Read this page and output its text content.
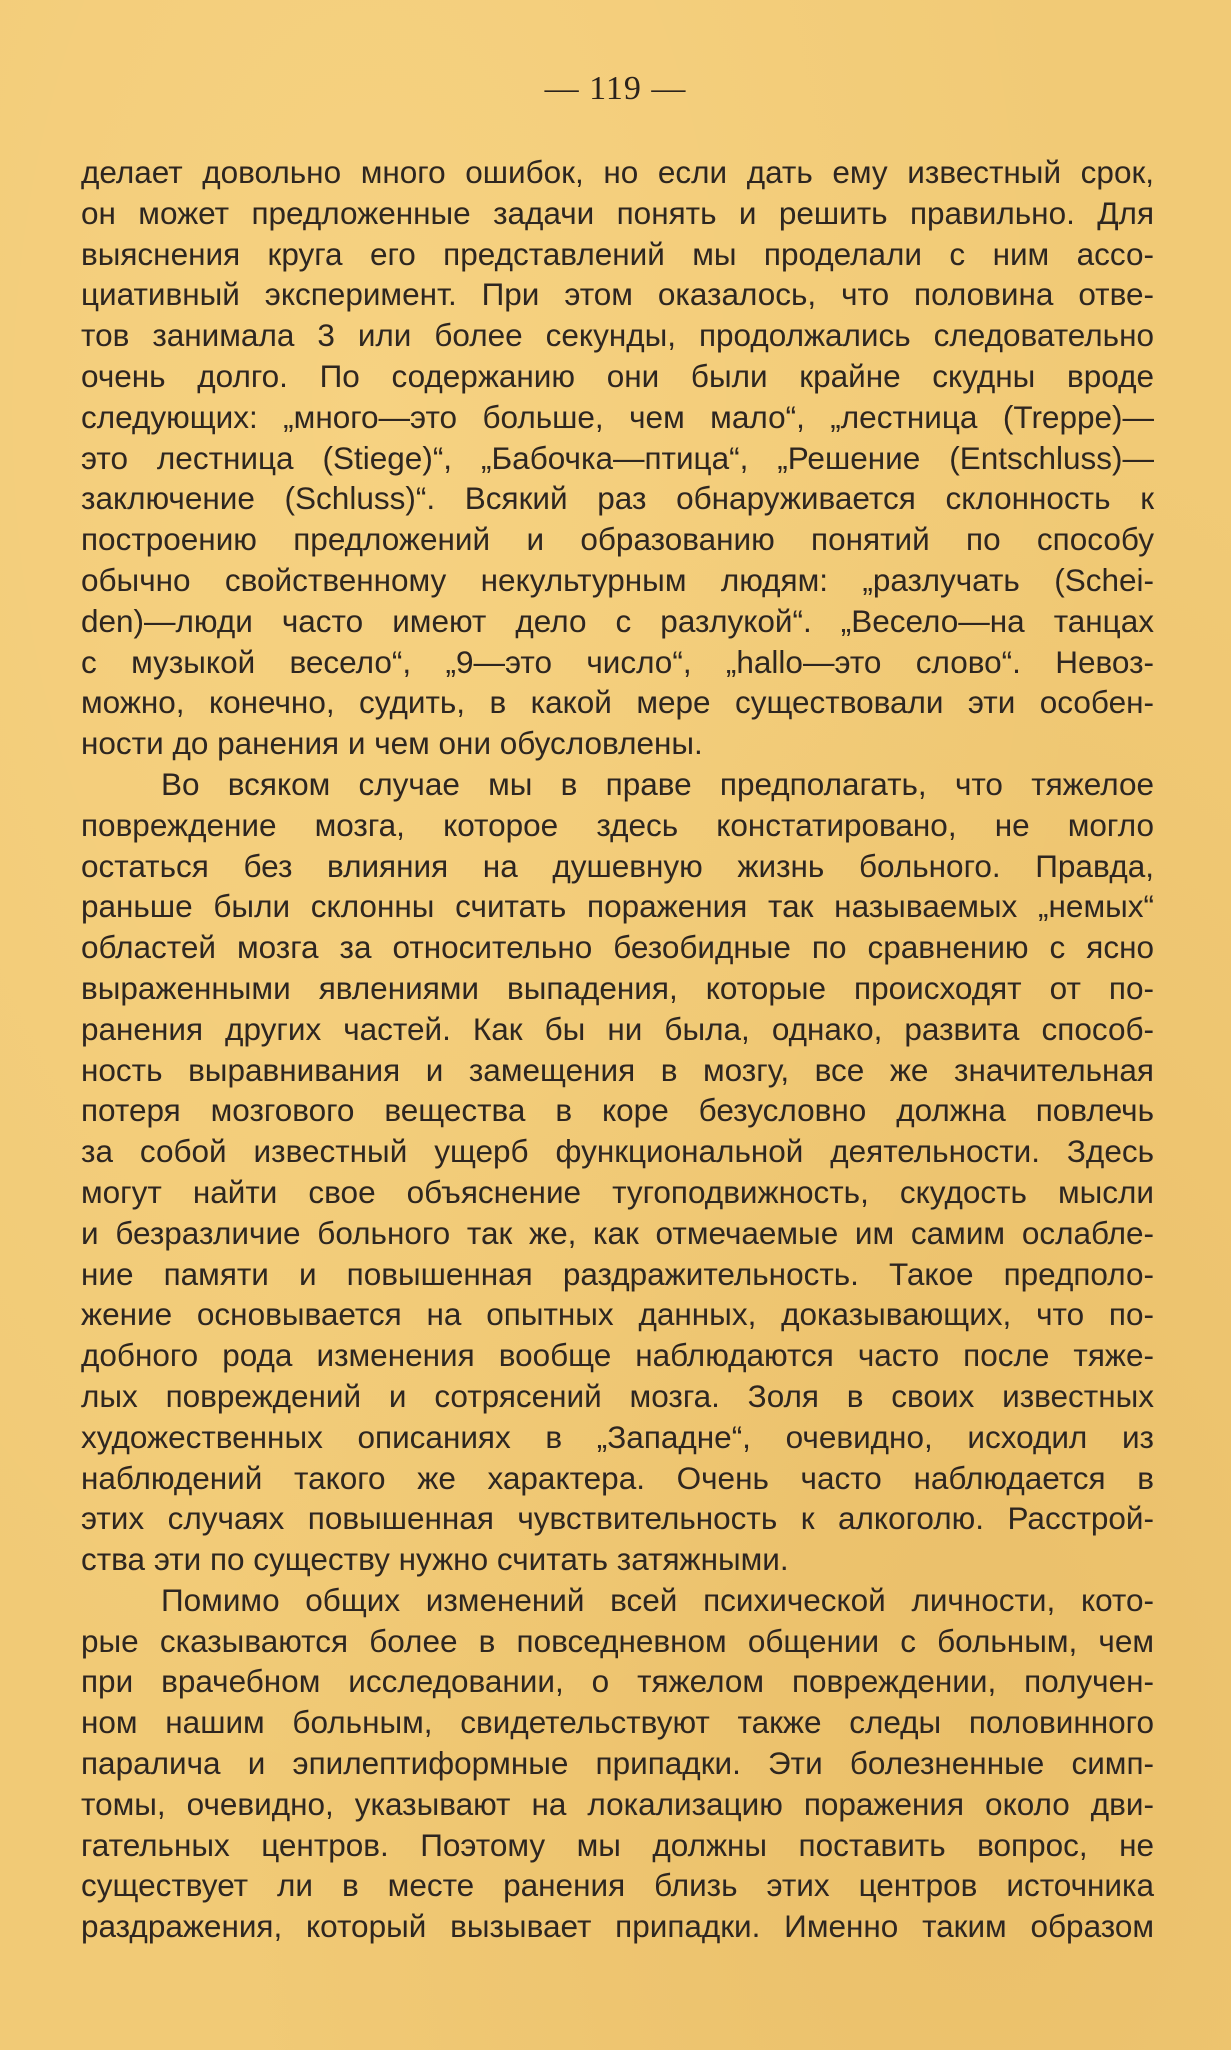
— 119 —
делает довольно много ошибок, но если дать ему известный срок,
он может предложенные задачи понять и решить правильно. Для
выяснения круга его представлений мы проделали с ним ассо-
циативный эксперимент. При этом оказалось, что половина отве-
тов занимала 3 или более секунды, продолжались следовательно
очень долго. По содержанию они были крайне скудны вроде
следующих: „много—это больше, чем мало“, „лестница (Treppe)—
это лестница (Stiege)“, „Бабочка—птица“, „Решение (Entschluss)—
заключение (Schluss)“. Всякий раз обнаруживается склонность к
построению предложений и образованию понятий по способу
обычно свойственному некультурным людям: „разлучать (Schei-
den)—люди часто имеют дело с разлукой“. „Весело—на танцах
с музыкой весело“, „9—это число“, „hallo—это слово“. Невоз-
можно, конечно, судить, в какой мере существовали эти особен-
ности до ранения и чем они обусловлены.
Во всяком случае мы в праве предполагать, что тяжелое
повреждение мозга, которое здесь констатировано, не могло
остаться без влияния на душевную жизнь больного. Правда,
раньше были склонны считать поражения так называемых „немых“
областей мозга за относительно безобидные по сравнению с ясно
выраженными явлениями выпадения, которые происходят от по-
ранения других частей. Как бы ни была, однако, развита способ-
ность выравнивания и замещения в мозгу, все же значительная
потеря мозгового вещества в коре безусловно должна повлечь
за собой известный ущерб функциональной деятельности. Здесь
могут найти свое объяснение тугоподвижность, скудость мысли
и безразличие больного так же, как отмечаемые им самим ослабле-
ние памяти и повышенная раздражительность. Такое предполо-
жение основывается на опытных данных, доказывающих, что по-
добного рода изменения вообще наблюдаются часто после тяже-
лых повреждений и сотрясений мозга. Золя в своих известных
художественных описаниях в „Западне“, очевидно, исходил из
наблюдений такого же характера. Очень часто наблюдается в
этих случаях повышенная чувствительность к алкоголю. Расстрой-
ства эти по существу нужно считать затяжными.
Помимо общих изменений всей психической личности, кото-
рые сказываются более в повседневном общении с больным, чем
при врачебном исследовании, о тяжелом повреждении, получен-
ном нашим больным, свидетельствуют также следы половинного
паралича и эпилептиформные припадки. Эти болезненные симп-
томы, очевидно, указывают на локализацию поражения около дви-
гательных центров. Поэтому мы должны поставить вопрос, не
существует ли в месте ранения близь этих центров источника
раздражения, который вызывает припадки. Именно таким образом
